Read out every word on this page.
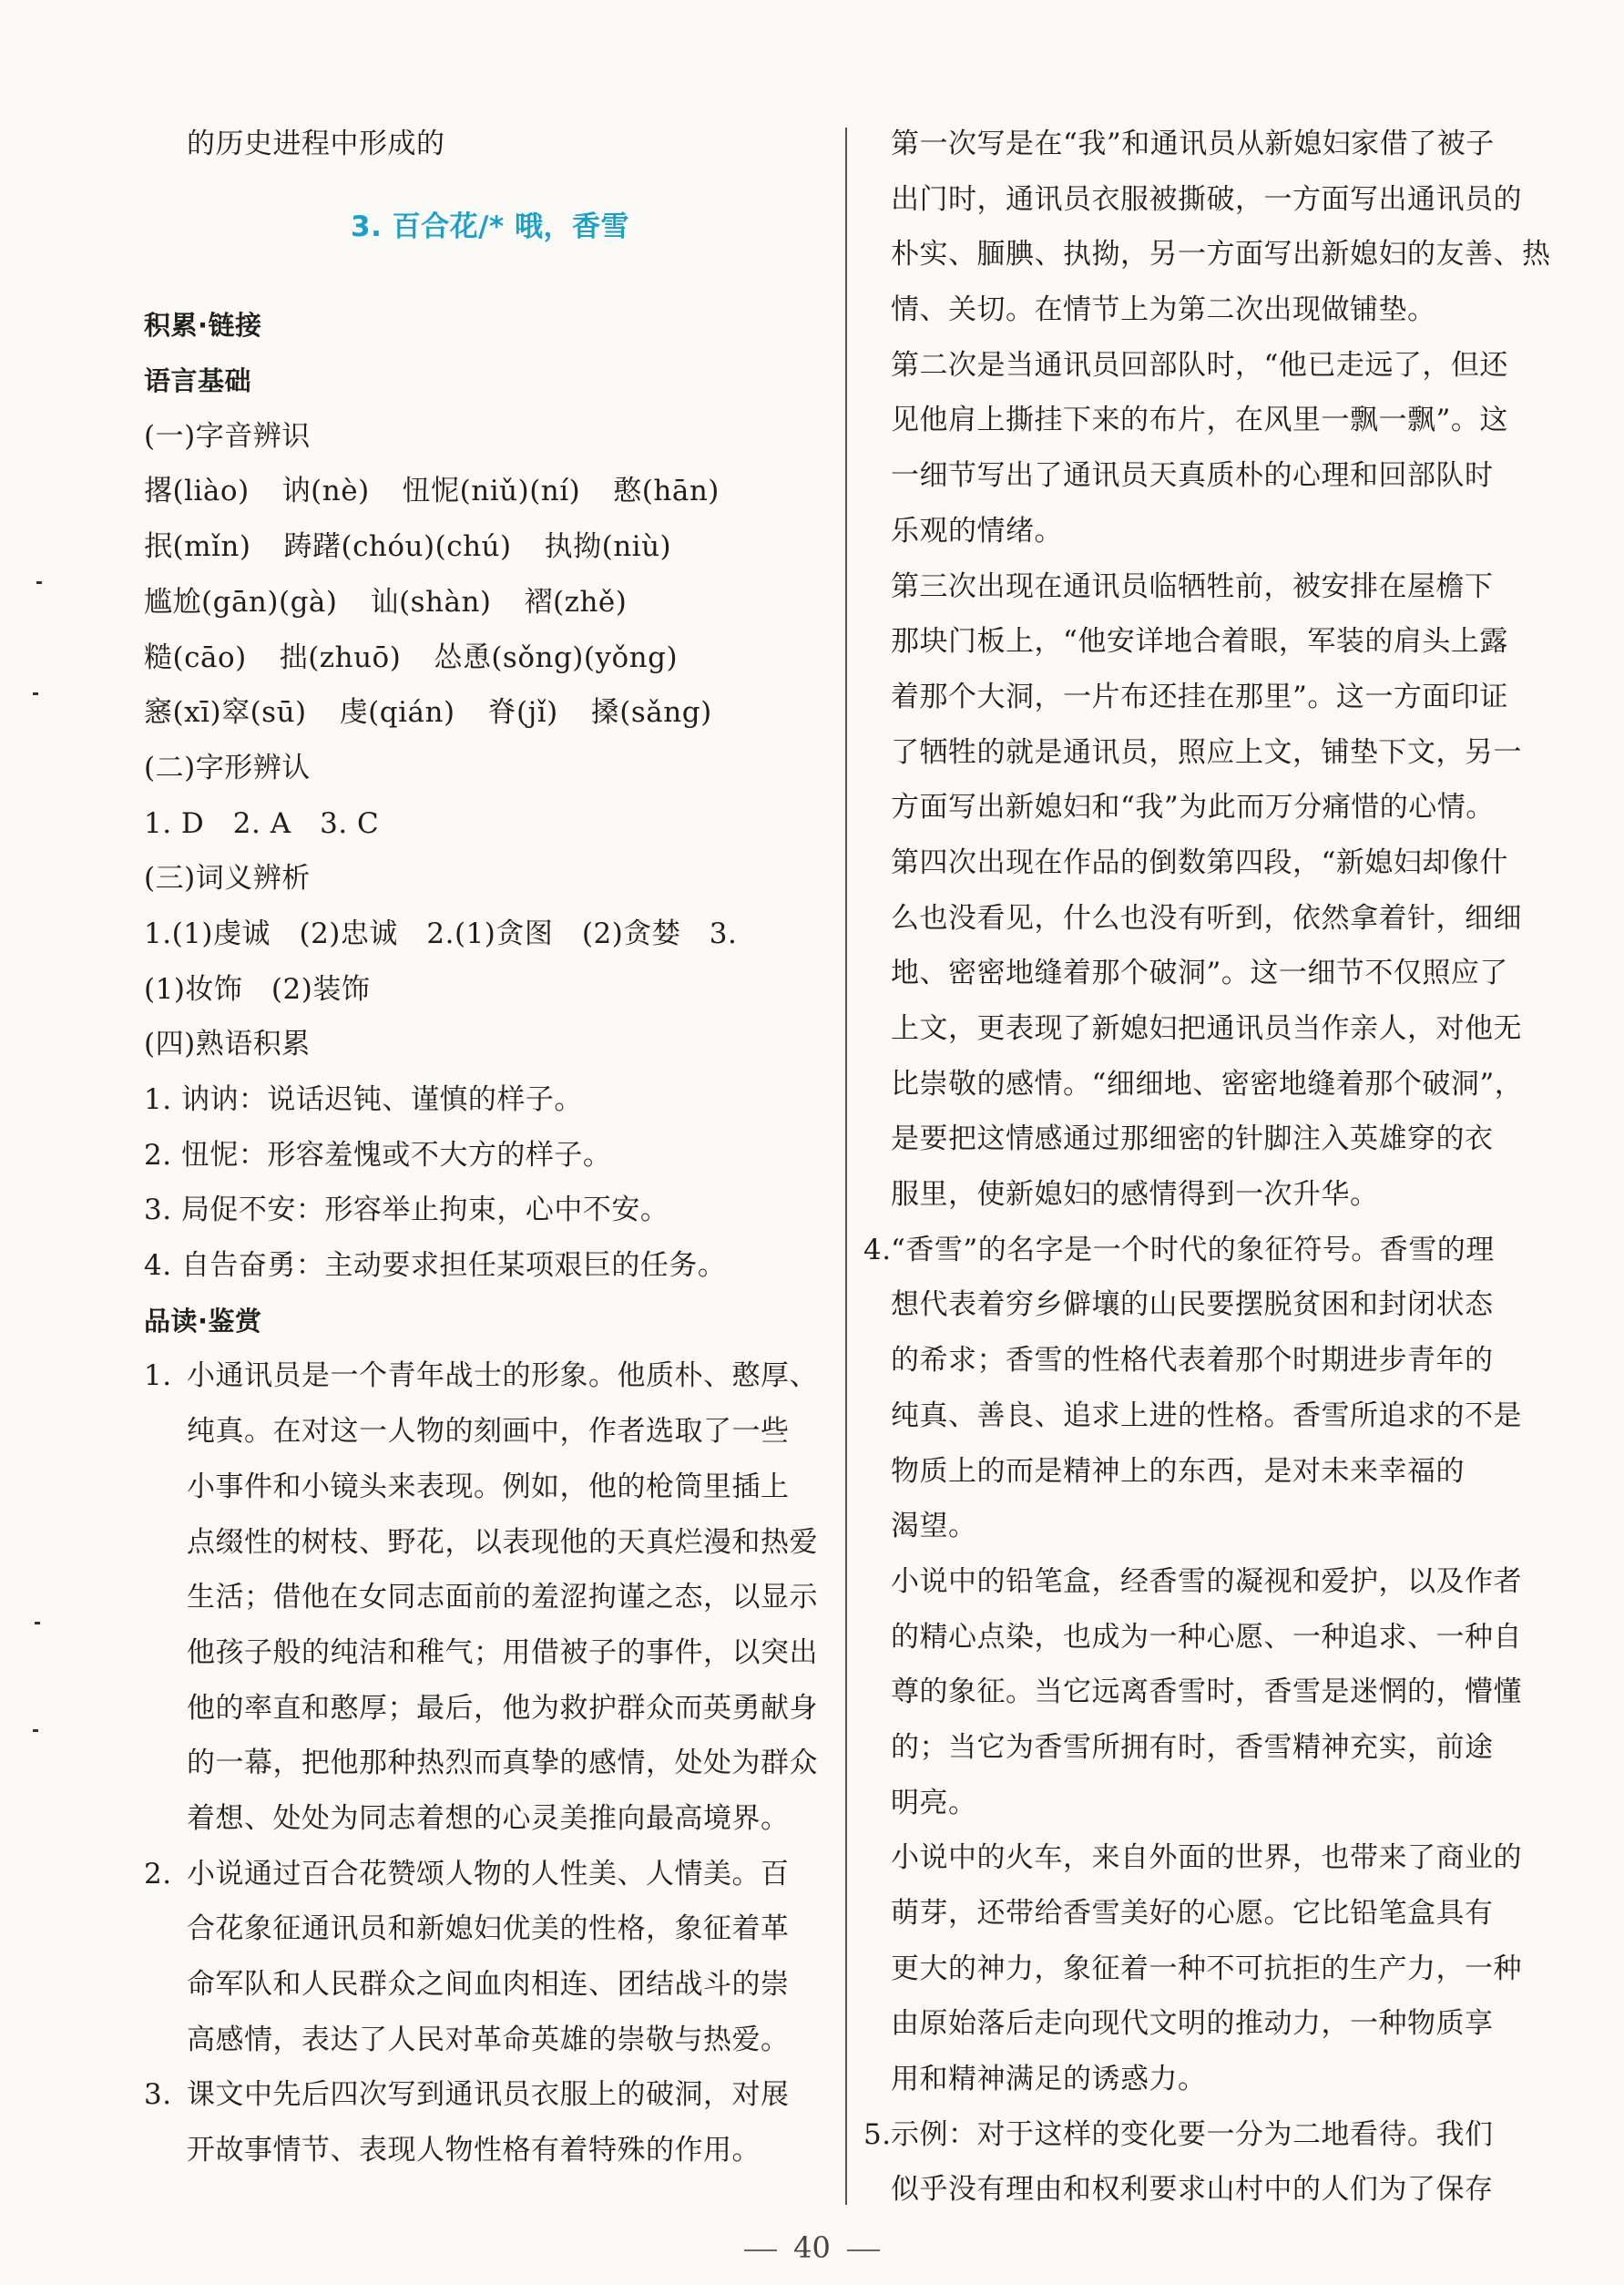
的历史进程中形成的
3. 百合花/* 哦，香雪
积累·链接
语言基础
(一)字音辨识
撂(liào) 讷(nè) 忸怩(niǔ)(ní) 憨(hān)
抿(mǐn) 踌躇(chóu)(chú) 执拗(niù)
尴尬(gān)(gà) 讪(shàn) 褶(zhě)
糙(cāo) 拙(zhuō) 怂恿(sǒng)(yǒng)
窸(xī)窣(sū) 虔(qián) 脊(jǐ) 搡(sǎng)
(二)字形辨认
1. D　2. A　3. C
(三)词义辨析
1.(1)虔诚　(2)忠诚　2.(1)贪图　(2)贪婪　3.
(1)妆饰　(2)装饰
(四)熟语积累
1. 讷讷：说话迟钝、谨慎的样子。
2. 忸怩：形容羞愧或不大方的样子。
3. 局促不安：形容举止拘束，心中不安。
4. 自告奋勇：主动要求担任某项艰巨的任务。
品读·鉴赏
1. 小通讯员是一个青年战士的形象。他质朴、憨厚、
纯真。在对这一人物的刻画中，作者选取了一些
小事件和小镜头来表现。例如，他的枪筒里插上
点缀性的树枝、野花，以表现他的天真烂漫和热爱
生活；借他在女同志面前的羞涩拘谨之态，以显示
他孩子般的纯洁和稚气；用借被子的事件，以突出
他的率直和憨厚；最后，他为救护群众而英勇献身
的一幕，把他那种热烈而真挚的感情，处处为群众
着想、处处为同志着想的心灵美推向最高境界。
2. 小说通过百合花赞颂人物的人性美、人情美。百
合花象征通讯员和新媳妇优美的性格，象征着革
命军队和人民群众之间血肉相连、团结战斗的崇
高感情，表达了人民对革命英雄的崇敬与热爱。
3. 课文中先后四次写到通讯员衣服上的破洞，对展
开故事情节、表现人物性格有着特殊的作用。
第一次写是在“我”和通讯员从新媳妇家借了被子
出门时，通讯员衣服被撕破，一方面写出通讯员的
朴实、腼腆、执拗，另一方面写出新媳妇的友善、热
情、关切。在情节上为第二次出现做铺垫。
第二次是当通讯员回部队时，“他已走远了，但还
见他肩上撕挂下来的布片，在风里一飘一飘”。这
一细节写出了通讯员天真质朴的心理和回部队时
乐观的情绪。
第三次出现在通讯员临牺牲前，被安排在屋檐下
那块门板上，“他安详地合着眼，军装的肩头上露
着那个大洞，一片布还挂在那里”。这一方面印证
了牺牲的就是通讯员，照应上文，铺垫下文，另一
方面写出新媳妇和“我”为此而万分痛惜的心情。
第四次出现在作品的倒数第四段，“新媳妇却像什
么也没看见，什么也没有听到，依然拿着针，细细
地、密密地缝着那个破洞”。这一细节不仅照应了
上文，更表现了新媳妇把通讯员当作亲人，对他无
比崇敬的感情。“细细地、密密地缝着那个破洞”，
是要把这情感通过那细密的针脚注入英雄穿的衣
服里，使新媳妇的感情得到一次升华。
4.“香雪”的名字是一个时代的象征符号。香雪的理
想代表着穷乡僻壤的山民要摆脱贫困和封闭状态
的希求；香雪的性格代表着那个时期进步青年的
纯真、善良、追求上进的性格。香雪所追求的不是
物质上的而是精神上的东西，是对未来幸福的
渴望。
小说中的铅笔盒，经香雪的凝视和爱护，以及作者
的精心点染，也成为一种心愿、一种追求、一种自
尊的象征。当它远离香雪时，香雪是迷惘的，懵懂
的；当它为香雪所拥有时，香雪精神充实，前途
明亮。
小说中的火车，来自外面的世界，也带来了商业的
萌芽，还带给香雪美好的心愿。它比铅笔盒具有
更大的神力，象征着一种不可抗拒的生产力，一种
由原始落后走向现代文明的推动力，一种物质享
用和精神满足的诱惑力。
5.示例：对于这样的变化要一分为二地看待。我们
似乎没有理由和权利要求山村中的人们为了保存
40
